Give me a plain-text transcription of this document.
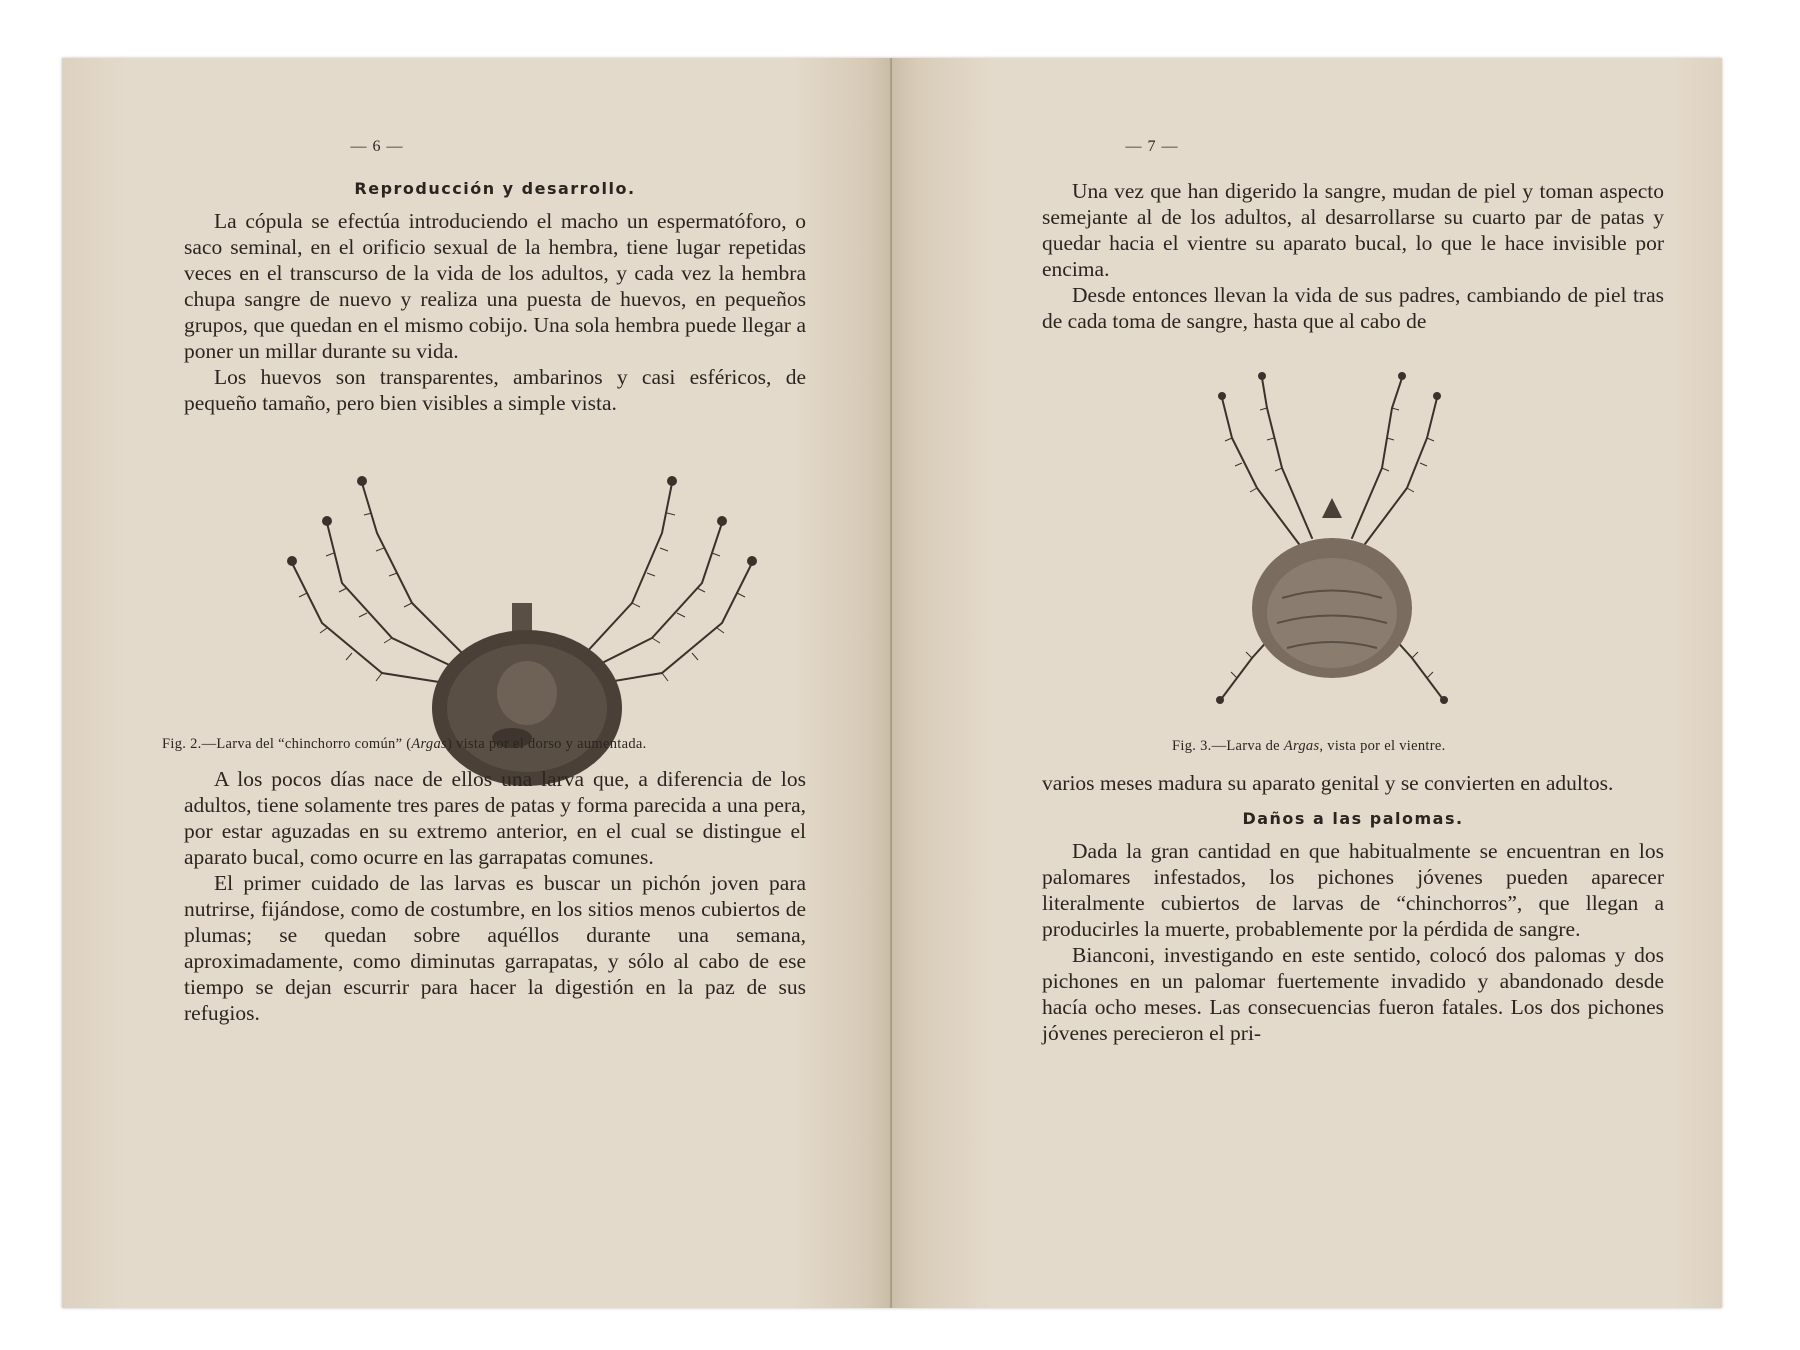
— 6 —
Reproducción y desarrollo.

La cópula se efectúa introduciendo el macho un espermatóforo, o saco seminal, en el orificio sexual de la hembra, tiene lugar repetidas veces en el transcurso de la vida de los adultos, y cada vez la hembra chupa sangre de nuevo y realiza una puesta de huevos, en pequeños grupos, que quedan en el mismo cobijo. Una sola hembra puede llegar a poner un millar durante su vida.

Los huevos son transparentes, ambarinos y casi esféricos, de pequeño tamaño, pero bien visibles a simple vista.

Fig. 2.—Larva del “chinchorro común” (Argas) vista por el dorso y aumentada.

A los pocos días nace de ellos una larva que, a diferencia de los adultos, tiene solamente tres pares de patas y forma parecida a una pera, por estar aguzadas en su extremo anterior, en el cual se distingue el aparato bucal, como ocurre en las garrapatas comunes.

El primer cuidado de las larvas es buscar un pichón joven para nutrirse, fijándose, como de costumbre, en los sitios menos cubiertos de plumas; se quedan sobre aquéllos durante una semana, aproximadamente, como diminutas garrapatas, y sólo al cabo de ese tiempo se dejan escurrir para hacer la digestión en la paz de sus refugios.

— 7 —

Una vez que han digerido la sangre, mudan de piel y toman aspecto semejante al de los adultos, al desarrollarse su cuarto par de patas y quedar hacia el vientre su aparato bucal, lo que le hace invisible por encima.

Desde entonces llevan la vida de sus padres, cambiando de piel tras de cada toma de sangre, hasta que al cabo de

Fig. 3.—Larva de Argas, vista por el vientre.

varios meses madura su aparato genital y se convierten en adultos.

Daños a las palomas.

Dada la gran cantidad en que habitualmente se encuentran en los palomares infestados, los pichones jóvenes pueden aparecer literalmente cubiertos de larvas de “chinchorros”, que llegan a producirles la muerte, probablemente por la pérdida de sangre.

Bianconi, investigando en este sentido, colocó dos palomas y dos pichones en un palomar fuertemente invadido y abandonado desde hacía ocho meses. Las consecuencias fueron fatales. Los dos pichones jóvenes perecieron el pri-
